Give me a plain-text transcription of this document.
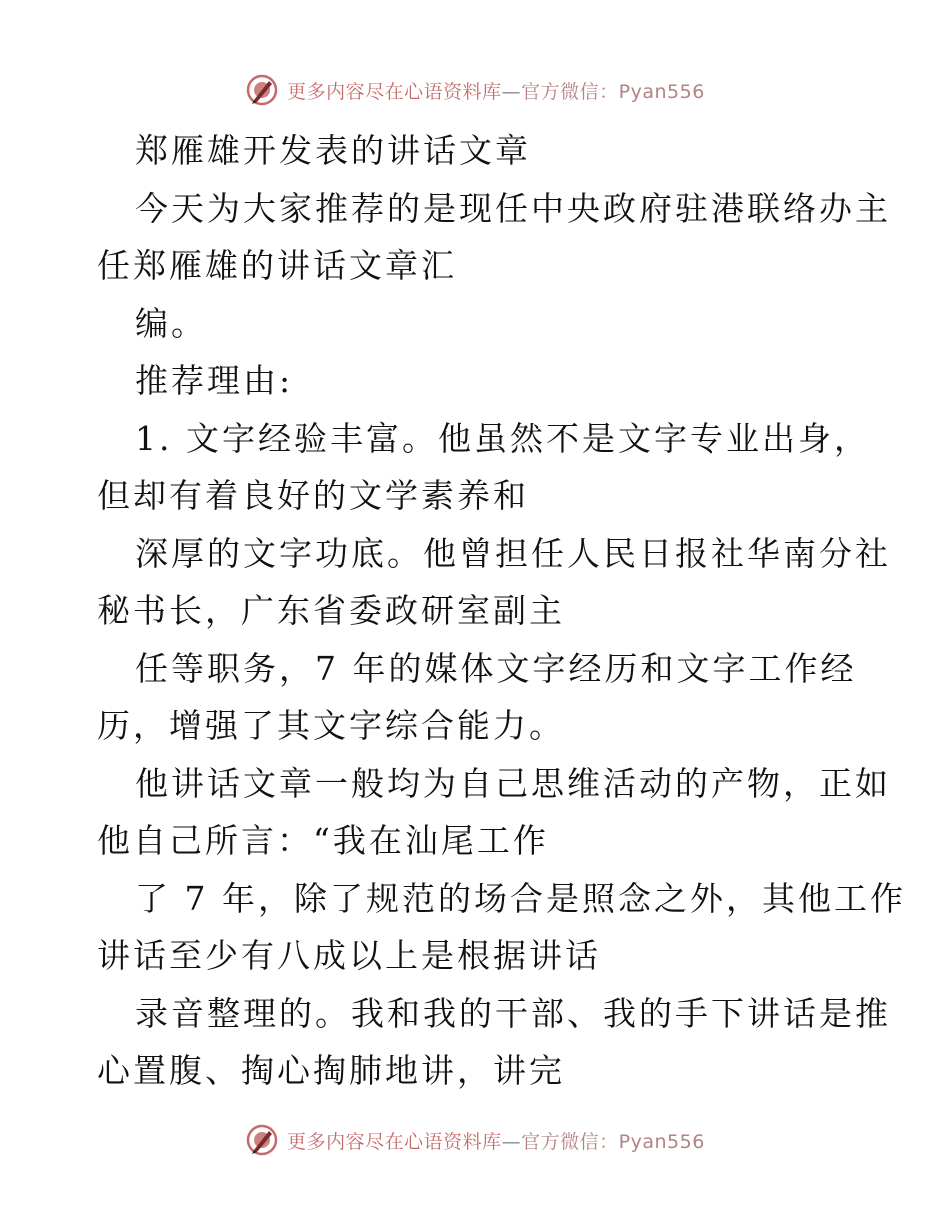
更多内容尽在心语资料库—官方微信：Pyan556
郑雁雄开发表的讲话文章
今天为大家推荐的是现任中央政府驻港联络办主
任郑雁雄的讲话文章汇
编。
推荐理由:
1. 文字经验丰富。他虽然不是文字专业出身，
但却有着良好的文学素养和
深厚的文字功底。他曾担任人民日报社华南分社
秘书长，广东省委政研室副主
任等职务，7 年的媒体文字经历和文字工作经
历，增强了其文字综合能力。
他讲话文章一般均为自己思维活动的产物，正如
他自己所言：“我在汕尾工作
了 7 年，除了规范的场合是照念之外，其他工作
讲话至少有八成以上是根据讲话
录音整理的。我和我的干部、我的手下讲话是推
心置腹、掏心掏肺地讲，讲完
更多内容尽在心语资料库—官方微信：Pyan556
